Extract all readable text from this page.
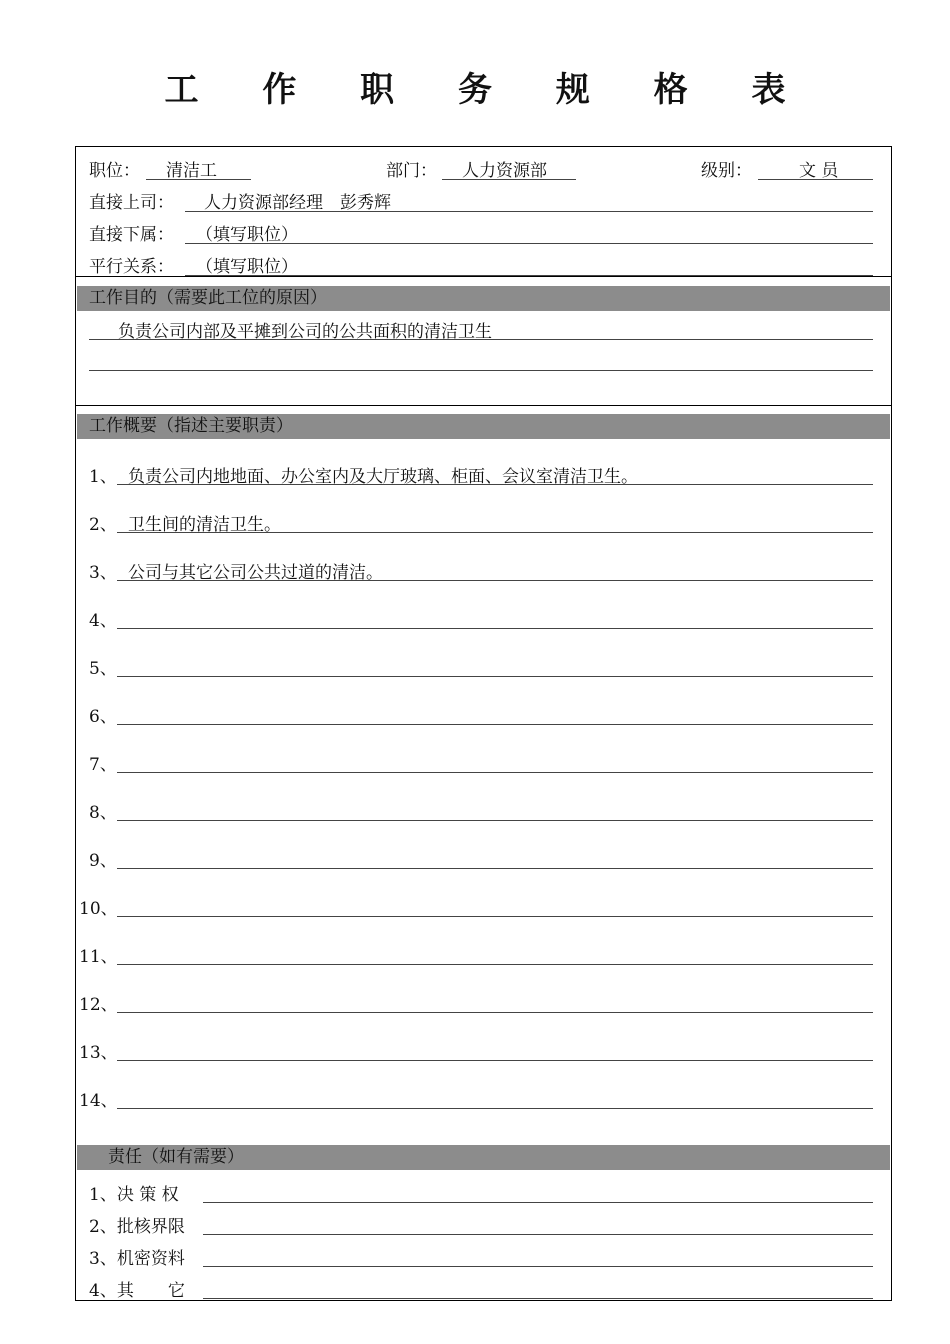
工 作 职 务 规 格 表
职位： 清洁工	部门： 人力资源部	级别：	文 员
直接上司： 人力资源部经理　彭秀辉
直接下属： （填写职位）
平行关系： （填写职位）
工作目的（需要此工位的原因）
负责公司内部及平摊到公司的公共面积的清洁卫生
工作概要（指述主要职责）
1、 负责公司内地地面、办公室内及大厅玻璃、柜面、会议室清洁卫生。
2、 卫生间的清洁卫生。
3、 公司与其它公司公共过道的清洁。
4、
5、
6、
7、
8、
9、
10、
11、
12、
13、
14、
责任（如有需要）
1、决 策 权
2、批核界限
3、机密资料
4、其　　它
